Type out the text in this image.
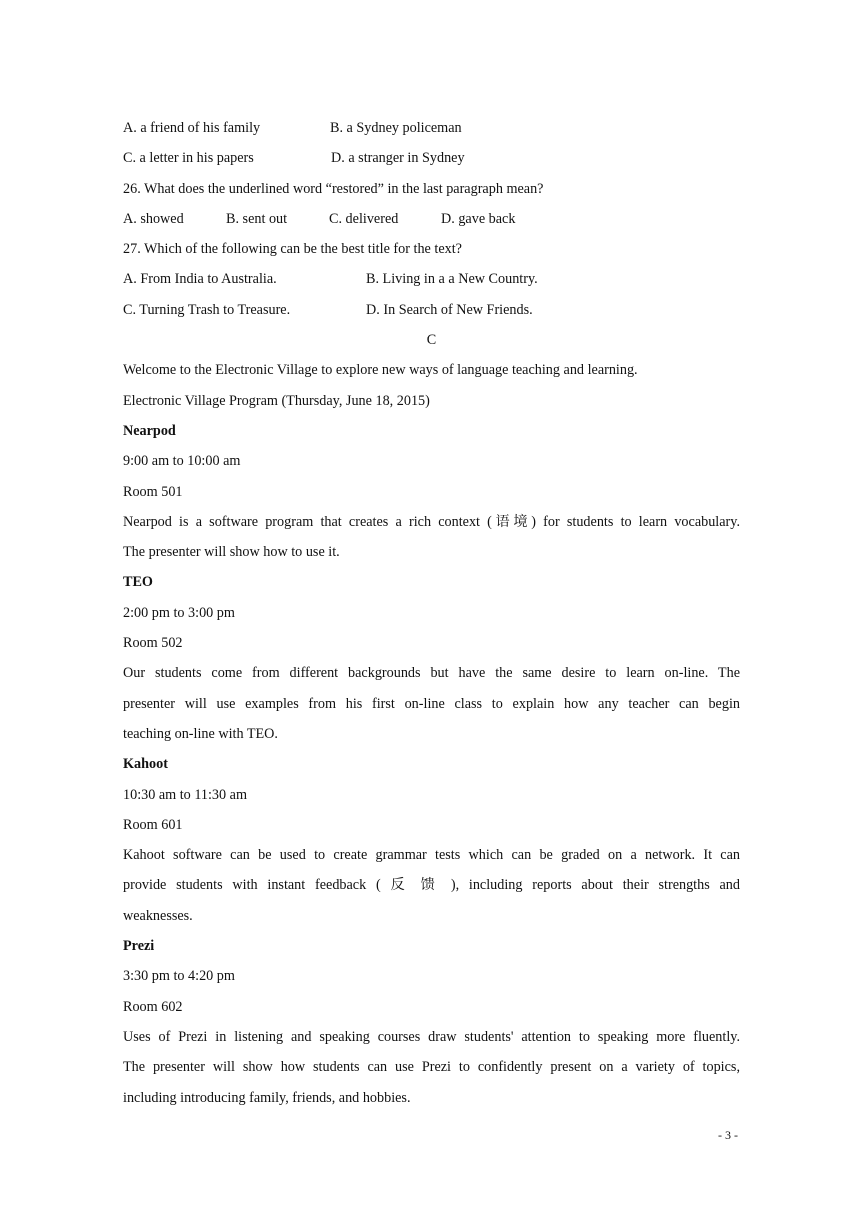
A. a friend of his family	B. a Sydney policeman
C. a letter in his papers	D. a stranger in Sydney
26. What does the underlined word “restored” in the last paragraph mean?
A. showed	B. sent out	C. delivered	D. gave back
27. Which of the following can be the best title for the text?
A. From India to Australia.	B. Living in a a New Country.
C. Turning Trash to Treasure.	D. In Search of New Friends.
C
Welcome to the Electronic Village to explore new ways of language teaching and learning.
Electronic Village Program (Thursday, June 18, 2015)
Nearpod
9:00 am to 10:00 am
Room 501
Nearpod is a software program that creates a rich context (语境) for students to learn vocabulary.
The presenter will show how to use it.
TEO
2:00 pm to 3:00 pm
Room 502
Our students come from different backgrounds but have the same desire to learn on-line. The
presenter will use examples from his first on-line class to explain how any teacher can begin
teaching on-line with TEO.
Kahoot
10:30 am to 11:30 am
Room 601
Kahoot software can be used to create grammar tests which can be graded on a network. It can
provide students with instant feedback ( 反 馈 ), including reports about their strengths and
weaknesses.
Prezi
3:30 pm to 4:20 pm
Room 602
Uses of Prezi in listening and speaking courses draw students' attention to speaking more fluently.
The presenter will show how students can use Prezi to confidently present on a variety of topics,
including introducing family, friends, and hobbies.
- 3 -
